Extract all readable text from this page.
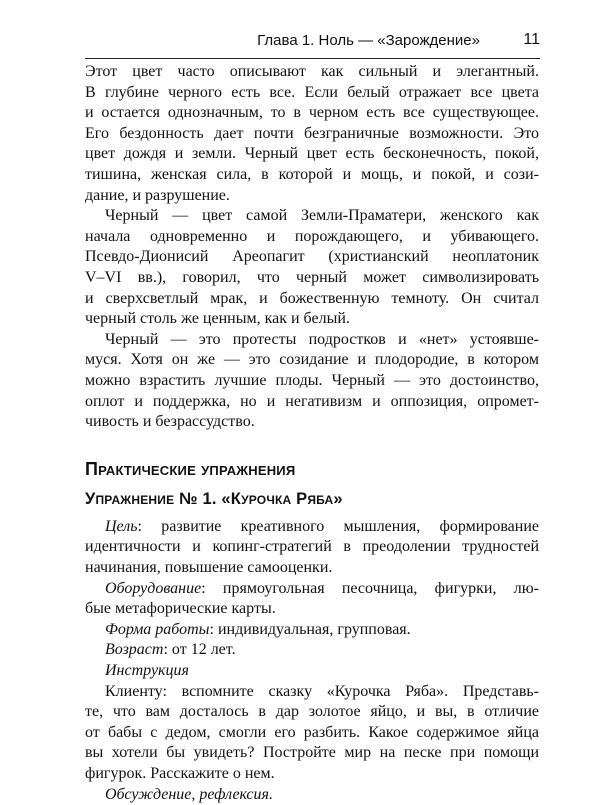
Глава 1. Ноль — «Зарождение»	11

Этот цвет часто описывают как сильный и элегантный.
В глубине черного есть все. Если белый отражает все цвета
и остается однозначным, то в черном есть все существующее.
Его бездонность дает почти безграничные возможности. Это
цвет дождя и земли. Черный цвет есть бесконечность, покой,
тишина, женская сила, в которой и мощь, и покой, и сози-
дание, и разрушение.

Черный — цвет самой Земли-Праматери, женского как
начала одновременно и порождающего, и убивающего.
Псевдо-Дионисий Ареопагит (христианский неоплатоник
V–VI вв.), говорил, что черный может символизировать
и сверхсветлый мрак, и божественную темноту. Он считал
черный столь же ценным, как и белый.

Черный — это протесты подростков и «нет» устоявше-
муся. Хотя он же — это созидание и плодородие, в котором
можно взрастить лучшие плоды. Черный — это достоинство,
оплот и поддержка, но и негативизм и оппозиция, опромет-
чивость и безрассудство.

Практические упражнения
Упражнение № 1. «Курочка Ряба»

Цель: развитие креативного мышления, формирование
идентичности и копинг-стратегий в преодолении трудностей
начинания, повышение самооценки.

Оборудование: прямоугольная песочница, фигурки, лю-
бые метафорические карты.

Форма работы: индивидуальная, групповая.

Возраст: от 12 лет.

Инструкция

Клиенту: вспомните сказку «Курочка Ряба». Представь-
те, что вам досталось в дар золотое яйцо, и вы, в отличие
от бабы с дедом, смогли его разбить. Какое содержимое яйца
вы хотели бы увидеть? Постройте мир на песке при помощи
фигурок. Расскажите о нем.

Обсуждение, рефлексия.
